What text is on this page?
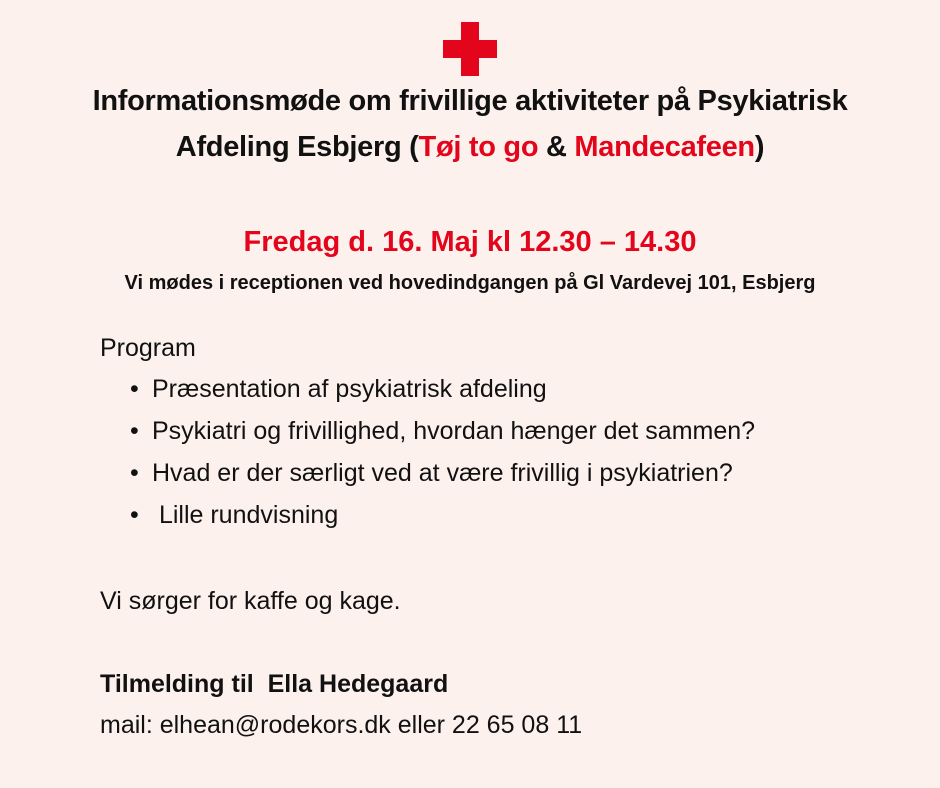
Informationsmøde om frivillige aktiviteter på Psykiatrisk
Afdeling Esbjerg (Tøj to go & Mandecafeen)
Fredag d. 16. Maj kl 12.30 – 14.30
Vi mødes i receptionen ved hovedindgangen på Gl Vardevej 101, Esbjerg
Program
• Præsentation af psykiatrisk afdeling
• Psykiatri og frivillighed, hvordan hænger det sammen?
• Hvad er der særligt ved at være frivillig i psykiatrien?
• Lille rundvisning
Vi sørger for kaffe og kage.
Tilmelding til  Ella Hedegaard
mail: elhean@rodekors.dk eller 22 65 08 11
